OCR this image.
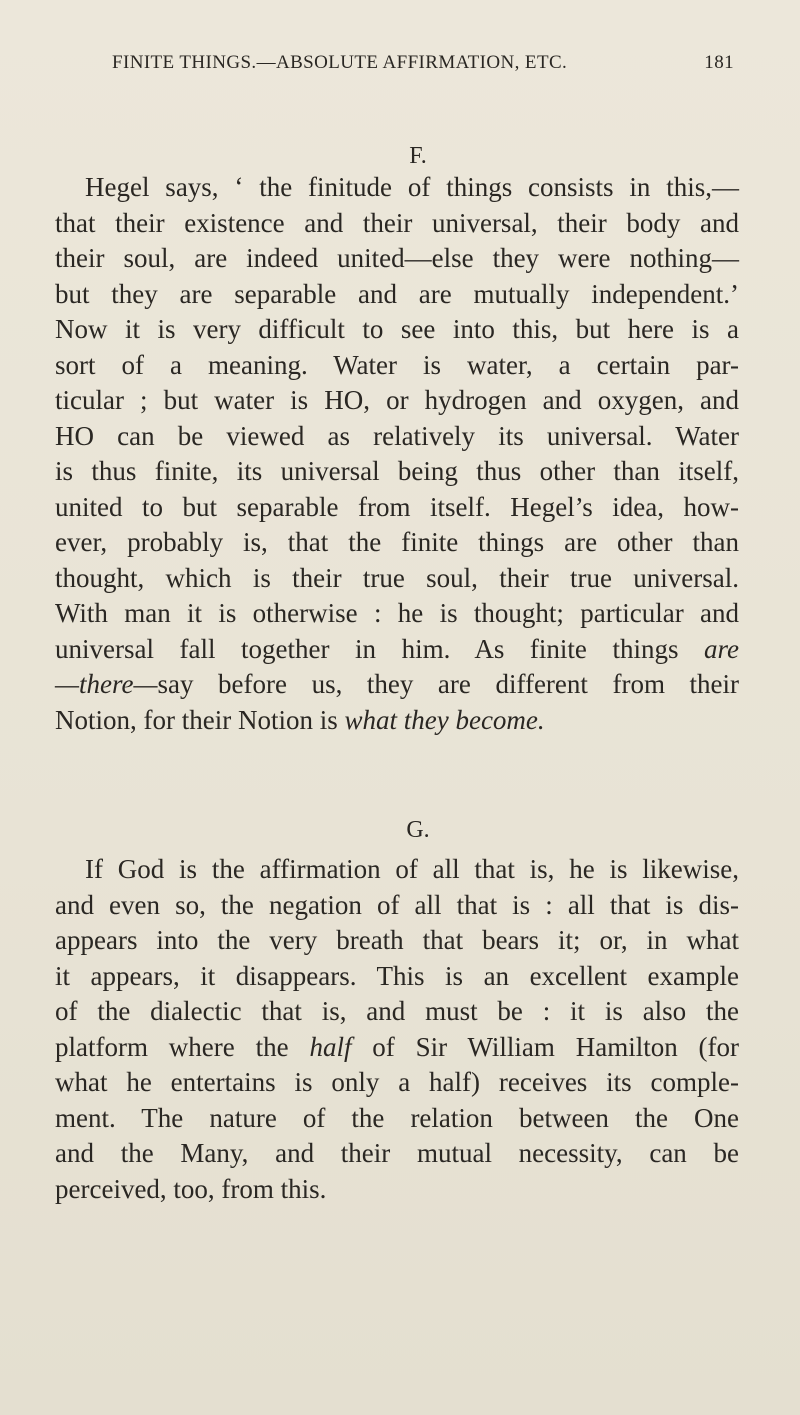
FINITE THINGS.—ABSOLUTE AFFIRMATION, ETC.	181
F.
Hegel says, ‘ the finitude of things consists in this,—
that their existence and their universal, their body and
their soul, are indeed united—else they were nothing—
but they are separable and are mutually independent.’
Now it is very difficult to see into this, but here is a
sort of a meaning. Water is water, a certain par-
ticular ; but water is HO, or hydrogen and oxygen, and
HO can be viewed as relatively its universal. Water
is thus finite, its universal being thus other than itself,
united to but separable from itself. Hegel’s idea, how-
ever, probably is, that the finite things are other than
thought, which is their true soul, their true universal.
With man it is otherwise : he is thought; particular and
universal fall together in him. As finite things are
—there—say before us, they are different from their
Notion, for their Notion is what they become.
G.
If God is the affirmation of all that is, he is likewise,
and even so, the negation of all that is : all that is dis-
appears into the very breath that bears it; or, in what
it appears, it disappears. This is an excellent example
of the dialectic that is, and must be : it is also the
platform where the half of Sir William Hamilton (for
what he entertains is only a half) receives its comple-
ment. The nature of the relation between the One
and the Many, and their mutual necessity, can be
perceived, too, from this.
